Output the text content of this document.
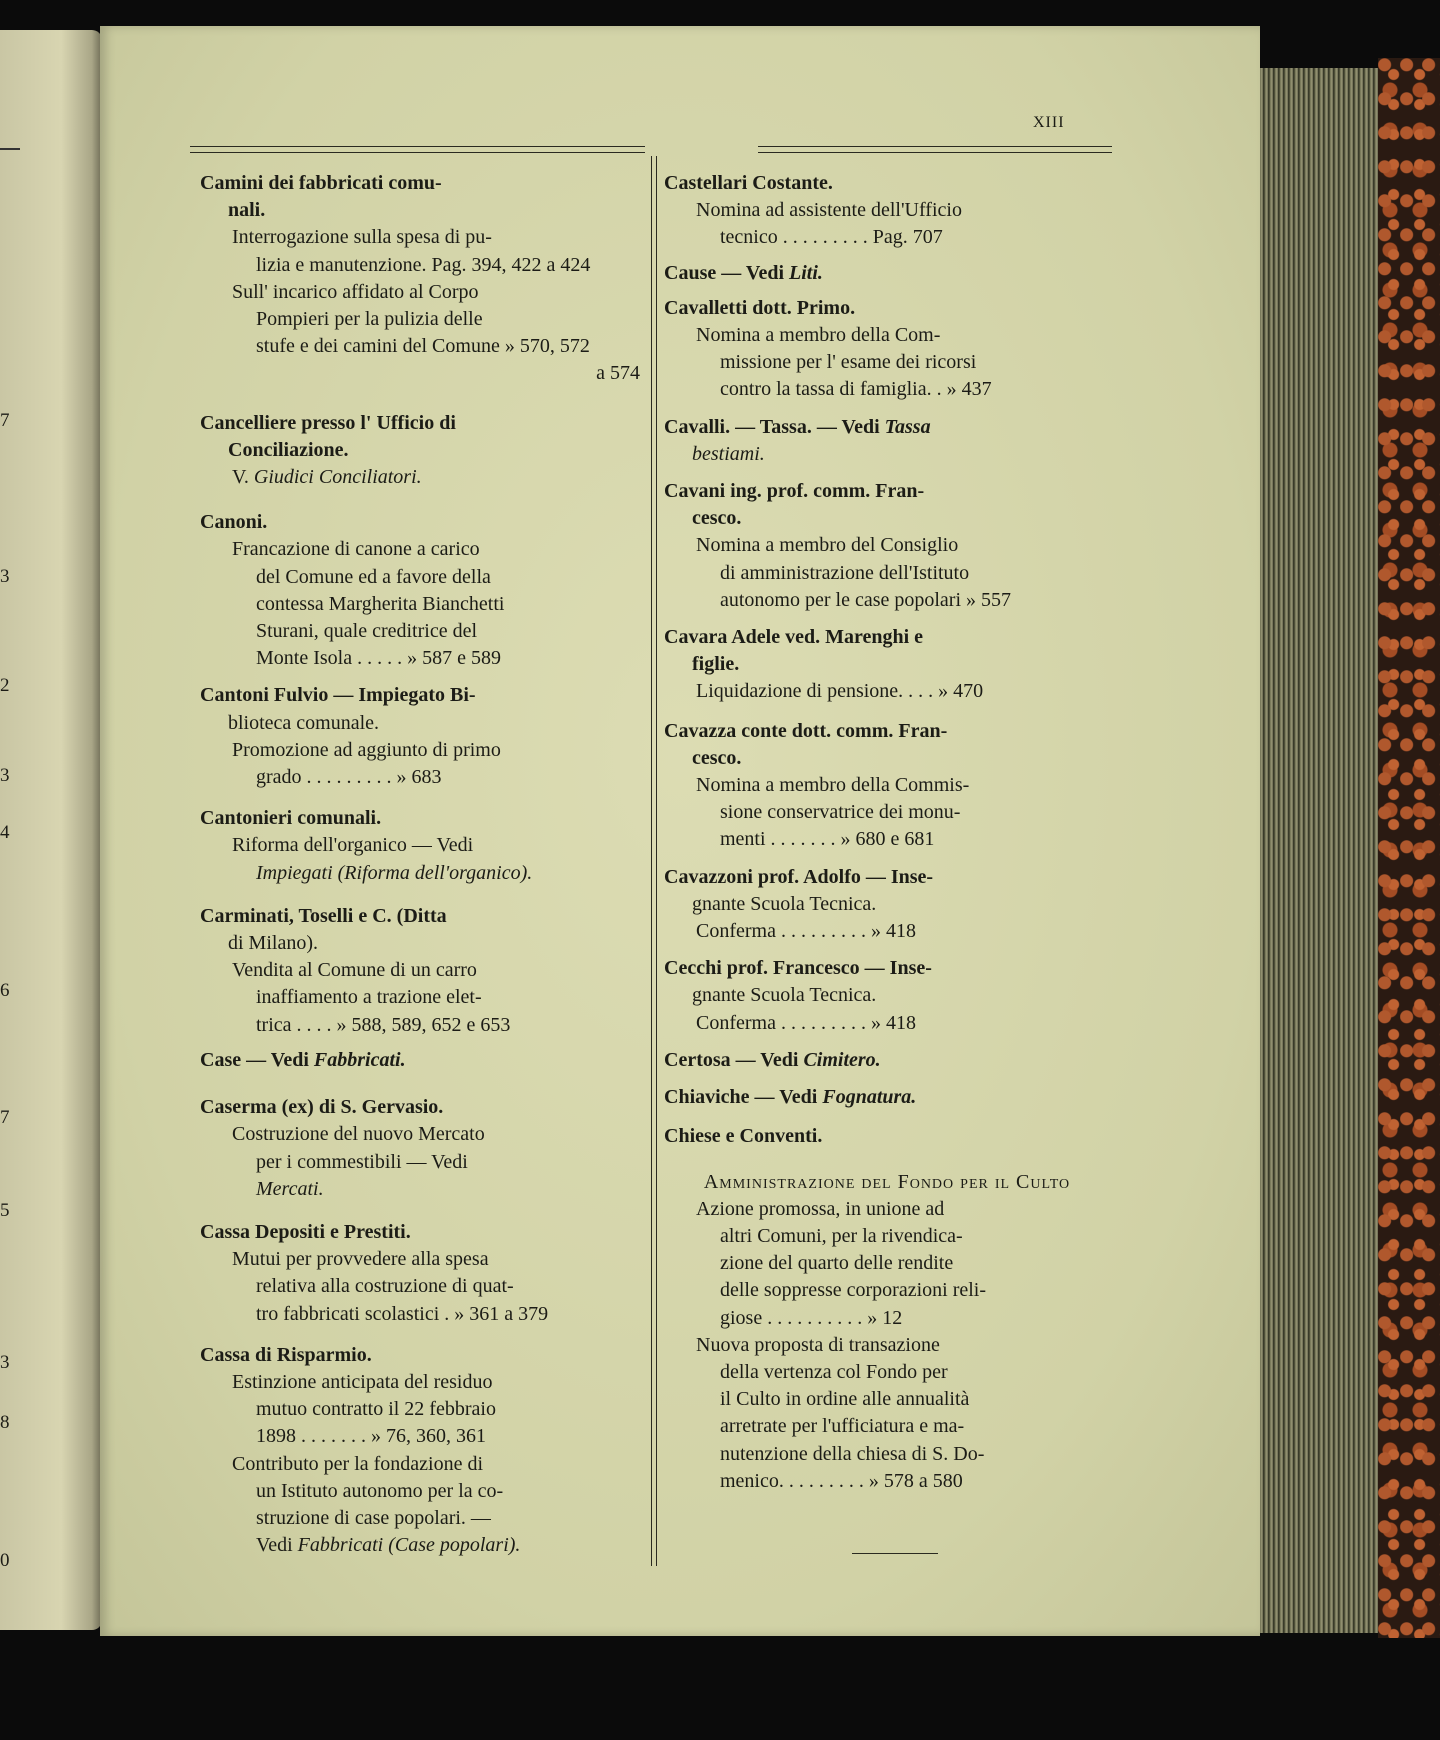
7
3
2
3
4
6
7
5
3
8
0
XIII
Camini dei fabbricati comu-
nali.
Interrogazione sulla spesa di pu-
lizia e manutenzione. Pag. 394, 422 a 424
Sull' incarico affidato al Corpo
Pompieri per la pulizia delle
stufe e dei camini del Comune » 570, 572
a 574
Cancelliere presso l' Ufficio di
Conciliazione.
V. Giudici Conciliatori.
Canoni.
Francazione di canone a carico
del Comune ed a favore della
contessa Margherita Bianchetti
Sturani, quale creditrice del
Monte Isola . . . . . » 587 e 589
Cantoni Fulvio — Impiegato Bi-
blioteca comunale.
Promozione ad aggiunto di primo
grado . . . . . . . . . » 683
Cantonieri comunali.
Riforma dell'organico — Vedi
Impiegati (Riforma dell'organico).
Carminati, Toselli e C. (Ditta
di Milano).
Vendita al Comune di un carro
inaffiamento a trazione elet-
trica . . . . » 588, 589, 652 e 653
Case — Vedi Fabbricati.
Caserma (ex) di S. Gervasio.
Costruzione del nuovo Mercato
per i commestibili — Vedi
Mercati.
Cassa Depositi e Prestiti.
Mutui per provvedere alla spesa
relativa alla costruzione di quat-
tro fabbricati scolastici . » 361 a 379
Cassa di Risparmio.
Estinzione anticipata del residuo
mutuo contratto il 22 febbraio
1898 . . . . . . . » 76, 360, 361
Contributo per la fondazione di
un Istituto autonomo per la co-
struzione di case popolari. —
Vedi Fabbricati (Case popolari).
Castellari Costante.
Nomina ad assistente dell'Ufficio
tecnico . . . . . . . . . Pag. 707
Cause — Vedi Liti.
Cavalletti dott. Primo.
Nomina a membro della Com-
missione per l' esame dei ricorsi
contro la tassa di famiglia. . » 437
Cavalli. — Tassa. — Vedi Tassa
bestiami.
Cavani ing. prof. comm. Fran-
cesco.
Nomina a membro del Consiglio
di amministrazione dell'Istituto
autonomo per le case popolari » 557
Cavara Adele ved. Marenghi e
figlie.
Liquidazione di pensione. . . . » 470
Cavazza conte dott. comm. Fran-
cesco.
Nomina a membro della Commis-
sione conservatrice dei monu-
menti . . . . . . . » 680 e 681
Cavazzoni prof. Adolfo — Inse-
gnante Scuola Tecnica.
Conferma . . . . . . . . . » 418
Cecchi prof. Francesco — Inse-
gnante Scuola Tecnica.
Conferma . . . . . . . . . » 418
Certosa — Vedi Cimitero.
Chiaviche — Vedi Fognatura.
Chiese e Conventi.
Amministrazione del Fondo per il Culto
Azione promossa, in unione ad
altri Comuni, per la rivendica-
zione del quarto delle rendite
delle soppresse corporazioni reli-
giose . . . . . . . . . . » 12
Nuova proposta di transazione
della vertenza col Fondo per
il Culto in ordine alle annualità
arretrate per l'ufficiatura e ma-
nutenzione della chiesa di S. Do-
menico. . . . . . . . . » 578 a 580
